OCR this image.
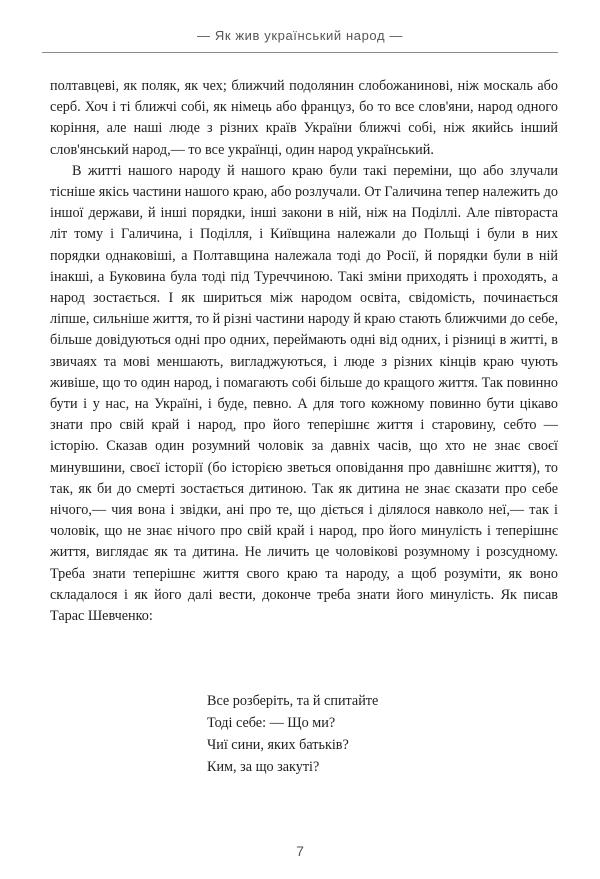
— Як жив український народ —

полтавцеві, як поляк, як чех; ближчий подолянин слобожанинові, ніж москаль або серб. Хоч і ті ближчі собі, як німець або француз, бо то все слов'яни, народ одного коріння, але наші люде з різних країв України ближчі собі, ніж якийсь інший слов'янський народ,— то все українці, один народ український.

В житті нашого народу й нашого краю були такі переміни, що або злучали тісніше якісь частини нашого краю, або розлучали. От Галичина тепер належить до іншої держави, й інші порядки, інші закони в ній, ніж на Поділлі. Але півтораста літ тому і Галичина, і Поділля, і Київщина належали до Польщі і були в них порядки однаковіші, а Полтавщина належала тоді до Росії, й порядки були в ній інакші, а Буковина була тоді під Туреччиною. Такі зміни приходять і проходять, а народ зостається. І як шириться між народом освіта, свідомість, починається ліпше, сильніше життя, то й різні частини народу й краю стають ближчими до себе, більше довідуються одні про одних, переймають одні від одних, і різниці в житті, в звичаях та мові меншають, вигладжуються, і люде з різних кінців краю чують живіше, що то один народ, і помагають собі більше до кращого життя. Так повинно бути і у нас, на Україні, і буде, певно. А для того кожному повинно бути цікаво знати про свій край і народ, про його теперішнє життя і старовину, себто — історію. Сказав один розумний чоловік за давніх часів, що хто не знає своєї минувшини, своєї історії (бо історією зветься оповідання про давнішнє життя), то так, як би до смерті зостається дитиною. Так як дитина не знає сказати про себе нічого,— чия вона і звідки, ані про те, що діється і ділялося навколо неї,— так і чоловік, що не знає нічого про свій край і народ, про його минулість і теперішнє життя, виглядає як та дитина. Не личить це чоловікові розумному і розсудному. Треба знати теперішнє життя свого краю та народу, а щоб розуміти, як воно складалося і як його далі вести, доконче треба знати його минулість. Як писав Тарас Шевченко:

Все розберіть, та й спитайте
Тоді себе: — Що ми?
Чиї сини, яких батьків?
Ким, за що закуті?
7
